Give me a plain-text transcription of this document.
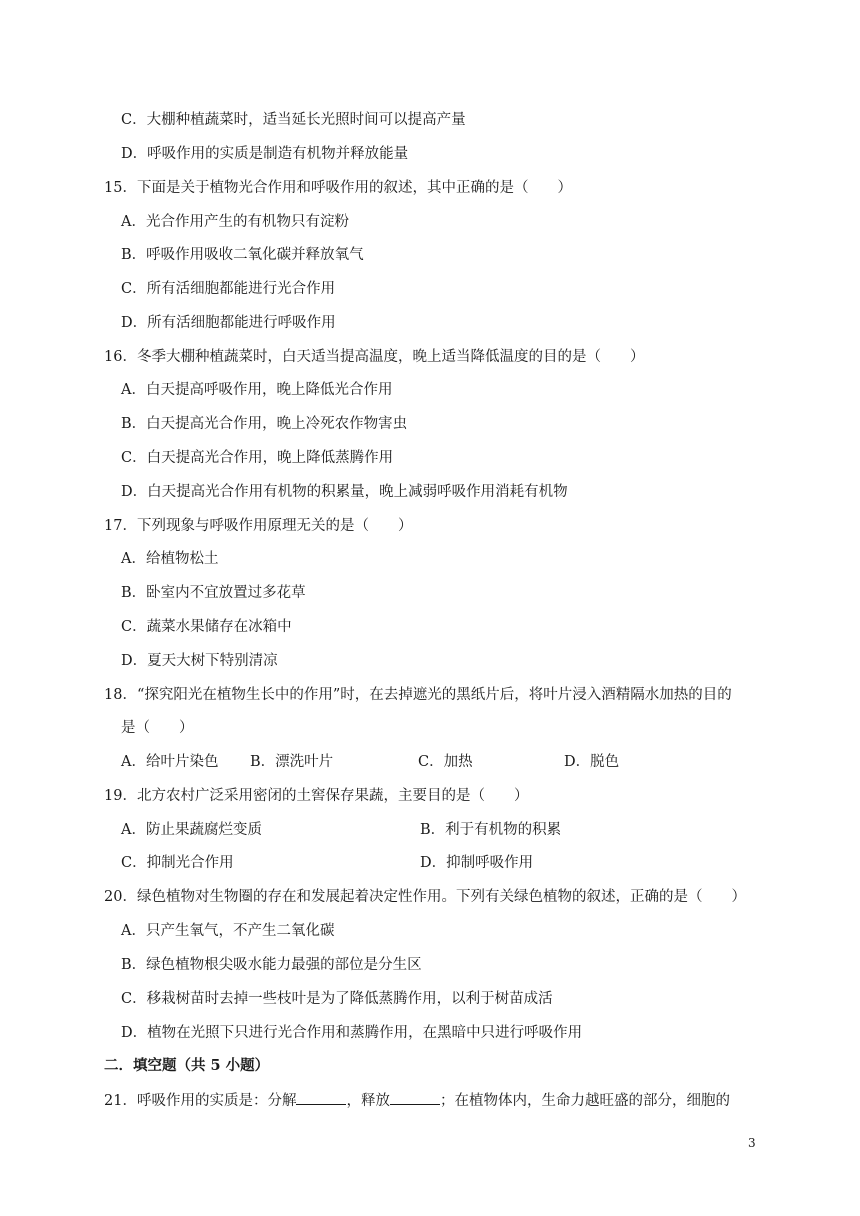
C．大棚种植蔬菜时，适当延长光照时间可以提高产量
D．呼吸作用的实质是制造有机物并释放能量
15．下面是关于植物光合作用和呼吸作用的叙述，其中正确的是（　　）
A．光合作用产生的有机物只有淀粉
B．呼吸作用吸收二氧化碳并释放氧气
C．所有活细胞都能进行光合作用
D．所有活细胞都能进行呼吸作用
16．冬季大棚种植蔬菜时，白天适当提高温度，晚上适当降低温度的目的是（　　）
A．白天提高呼吸作用，晚上降低光合作用
B．白天提高光合作用，晚上冷死农作物害虫
C．白天提高光合作用，晚上降低蒸腾作用
D．白天提高光合作用有机物的积累量，晚上减弱呼吸作用消耗有机物
17．下列现象与呼吸作用原理无关的是（　　）
A．给植物松土
B．卧室内不宜放置过多花草
C．蔬菜水果储存在冰箱中
D．夏天大树下特别清凉
18．“探究阳光在植物生长中的作用”时，在去掉遮光的黑纸片后，将叶片浸入酒精隔水加热的目的
是（　　）
A．给叶片染色 B．漂洗叶片	C．加热	D．脱色
19．北方农村广泛采用密闭的土窖保存果蔬，主要目的是（　　）
A．防止果蔬腐烂变质	B．利于有机物的积累
C．抑制光合作用	D．抑制呼吸作用
20．绿色植物对生物圈的存在和发展起着决定性作用。下列有关绿色植物的叙述，正确的是（　　）
A．只产生氧气，不产生二氧化碳
B．绿色植物根尖吸水能力最强的部位是分生区
C．移栽树苗时去掉一些枝叶是为了降低蒸腾作用，以利于树苗成活
D．植物在光照下只进行光合作用和蒸腾作用，在黑暗中只进行呼吸作用
二．填空题（共 5 小题）
21．呼吸作用的实质是：分解	，释放	；在植物体内，生命力越旺盛的部分，细胞的
3
